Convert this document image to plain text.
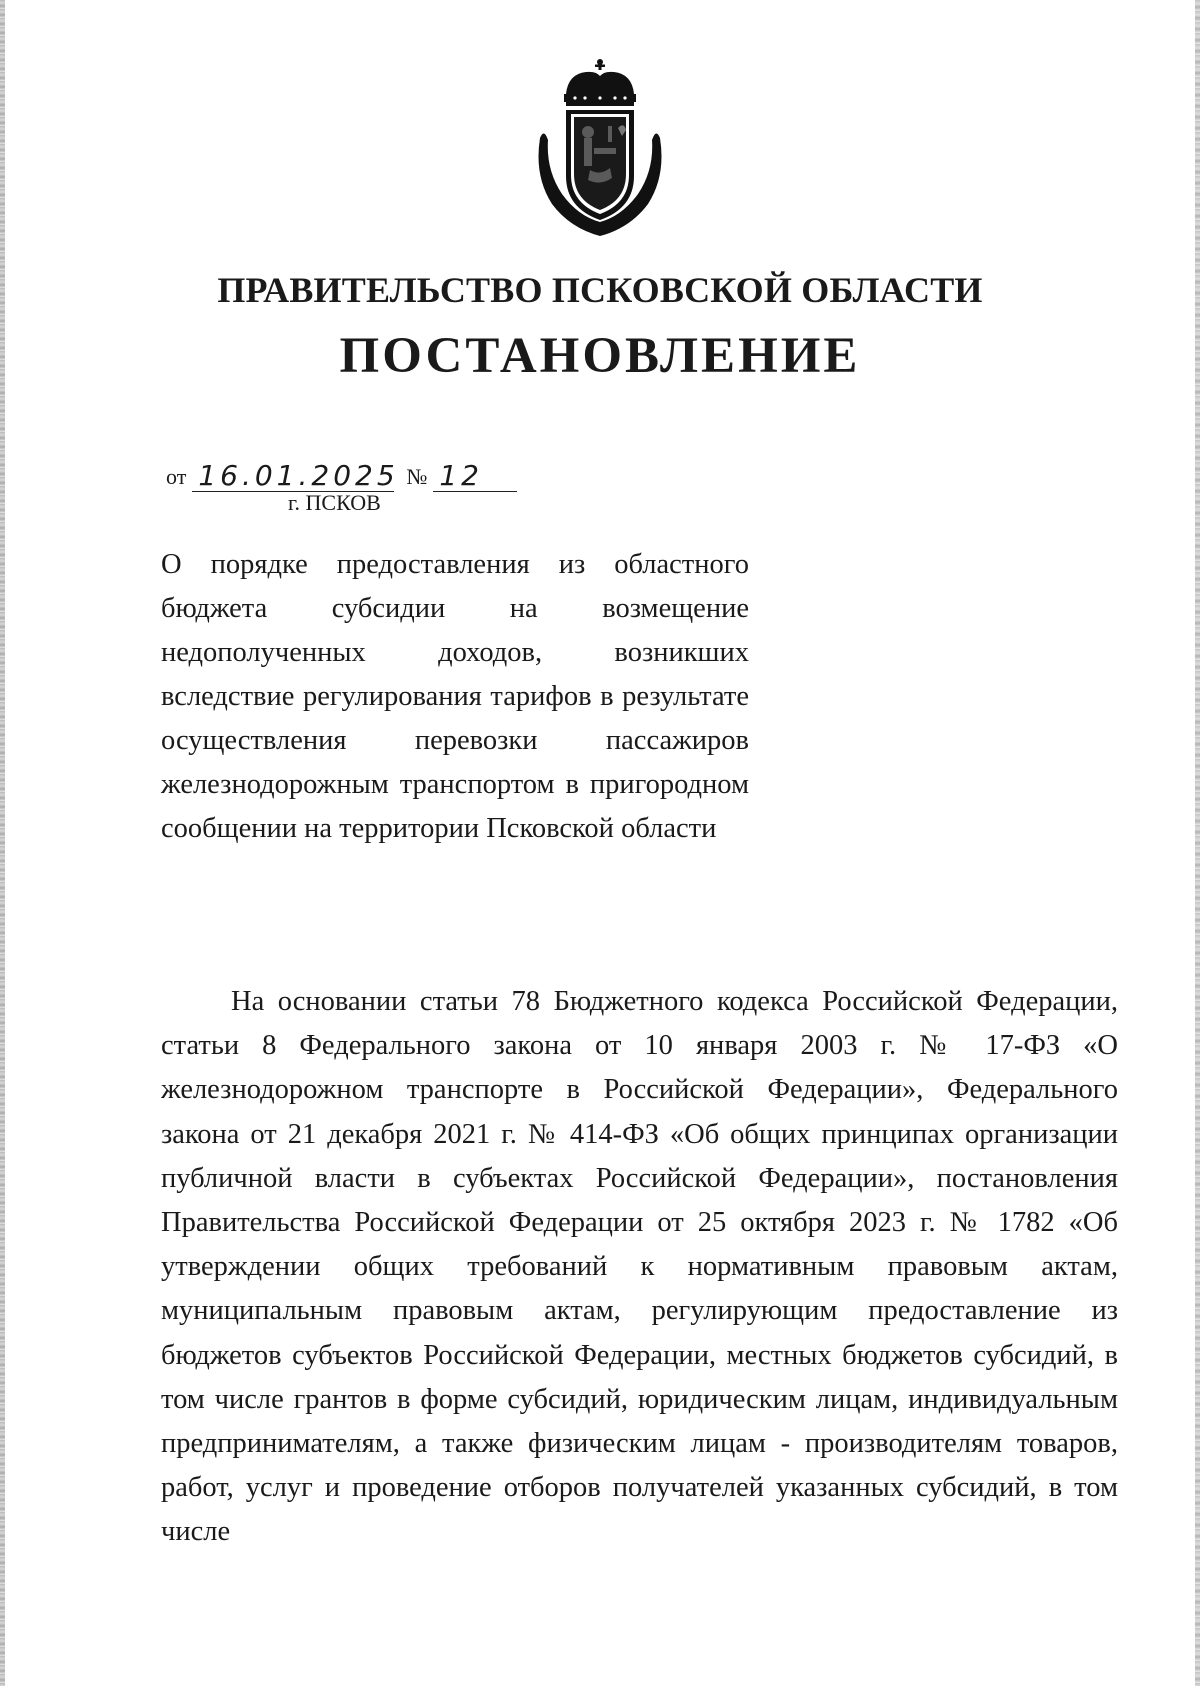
ПРАВИТЕЛЬСТВО ПСКОВСКОЙ ОБЛАСТИ
ПОСТАНОВЛЕНИЕ
от 16.01.2025 № 12
г. ПСКОВ

О порядке предоставления из областного бюджета субсидии на возмещение недополученных доходов, возникших вследствие регулирования тарифов в результате осуществления перевозки пассажиров железнодорожным транспортом в пригородном сообщении на территории Псковской области

На основании статьи 78 Бюджетного кодекса Российской Федерации, статьи 8 Федерального закона от 10 января 2003 г. № 17-ФЗ «О железнодорожном транспорте в Российской Федерации», Федерального закона от 21 декабря 2021 г. № 414-ФЗ «Об общих принципах организации публичной власти в субъектах Российской Федерации», постановления Правительства Российской Федерации от 25 октября 2023 г. № 1782 «Об утверждении общих требований к нормативным правовым актам, муниципальным правовым актам, регулирующим предоставление из бюджетов субъектов Российской Федерации, местных бюджетов субсидий, в том числе грантов в форме субсидий, юридическим лицам, индивидуальным предпринимателям, а также физическим лицам - производителям товаров, работ, услуг и проведение отборов получателей указанных субсидий, в том числе
